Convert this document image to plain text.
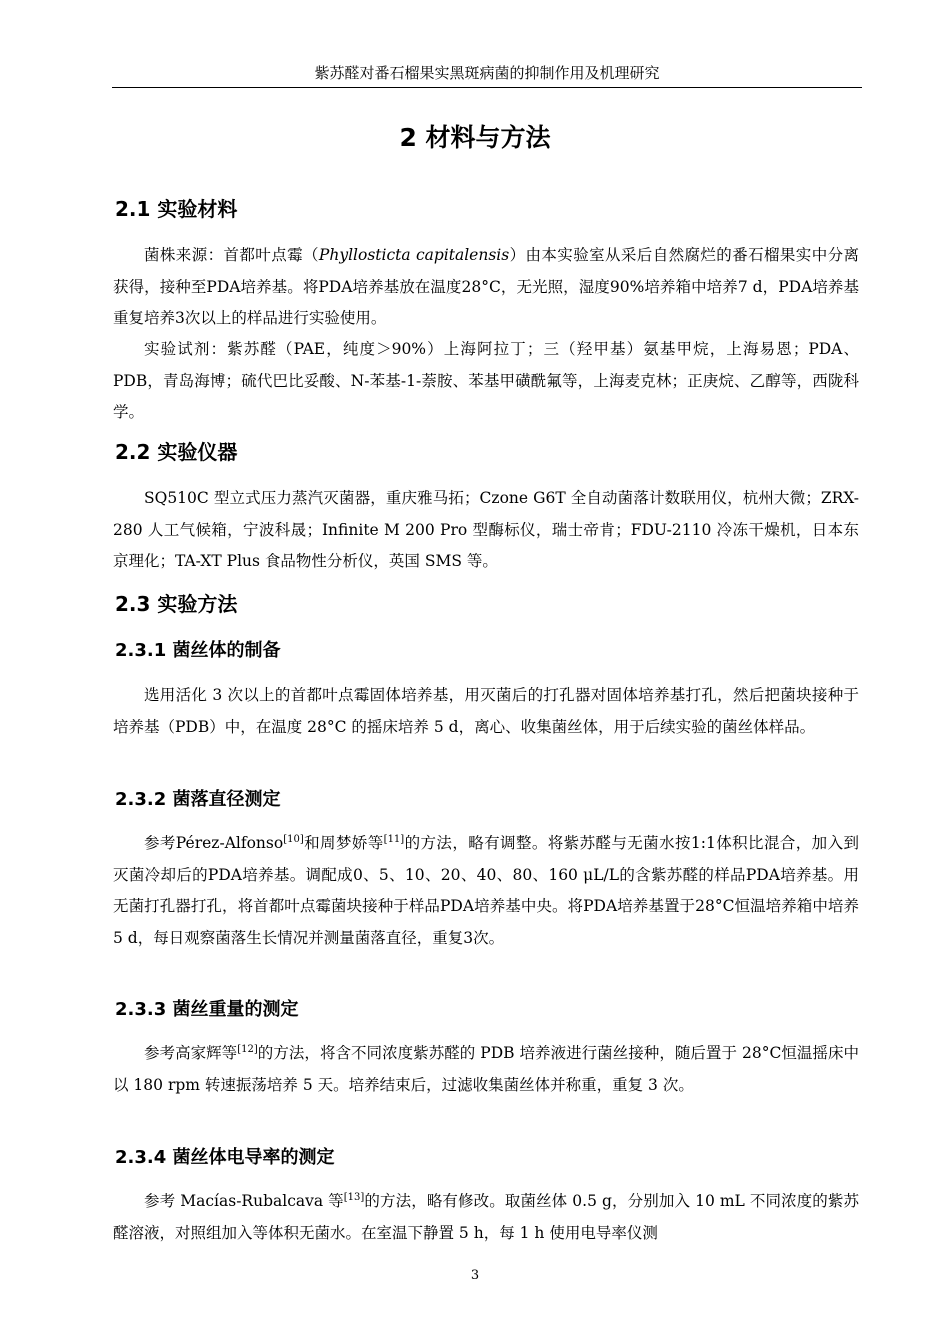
紫苏醛对番石榴果实黑斑病菌的抑制作用及机理研究
2 材料与方法
2.1 实验材料
菌株来源：首都叶点霉（Phyllosticta capitalensis）由本实验室从采后自然腐烂的番石榴果实中分离获得，接种至PDA培养基。将PDA培养基放在温度28°C，无光照，湿度90%培养箱中培养7 d，PDA培养基重复培养3次以上的样品进行实验使用。
实验试剂：紫苏醛（PAE，纯度＞90%）上海阿拉丁；三（羟甲基）氨基甲烷，上海易恩；PDA、PDB，青岛海博；硫代巴比妥酸、N-苯基-1-萘胺、苯基甲磺酰氟等，上海麦克林；正庚烷、乙醇等，西陇科学。
2.2 实验仪器
SQ510C 型立式压力蒸汽灭菌器，重庆雅马拓；Czone G6T 全自动菌落计数联用仪，杭州大微；ZRX-280 人工气候箱，宁波科晟；Infinite M 200 Pro 型酶标仪，瑞士帝肯；FDU-2110 冷冻干燥机，日本东京理化；TA-XT Plus 食品物性分析仪，英国 SMS 等。
2.3 实验方法
2.3.1 菌丝体的制备
选用活化 3 次以上的首都叶点霉固体培养基，用灭菌后的打孔器对固体培养基打孔，然后把菌块接种于培养基（PDB）中，在温度 28°C 的摇床培养 5 d，离心、收集菌丝体，用于后续实验的菌丝体样品。
2.3.2 菌落直径测定
参考Pérez-Alfonso[10]和周梦娇等[11]的方法，略有调整。将紫苏醛与无菌水按1:1体积比混合，加入到灭菌冷却后的PDA培养基。调配成0、5、10、20、40、80、160 μL/L的含紫苏醛的样品PDA培养基。用无菌打孔器打孔，将首都叶点霉菌块接种于样品PDA培养基中央。将PDA培养基置于28°C恒温培养箱中培养5 d，每日观察菌落生长情况并测量菌落直径，重复3次。
2.3.3 菌丝重量的测定
参考高家辉等[12]的方法，将含不同浓度紫苏醛的 PDB 培养液进行菌丝接种，随后置于 28°C恒温摇床中以 180 rpm 转速振荡培养 5 天。培养结束后，过滤收集菌丝体并称重，重复 3 次。
2.3.4 菌丝体电导率的测定
参考 Macías-Rubalcava 等[13]的方法，略有修改。取菌丝体 0.5 g，分别加入 10 mL 不同浓度的紫苏醛溶液，对照组加入等体积无菌水。在室温下静置 5 h，每 1 h 使用电导率仪测
3
